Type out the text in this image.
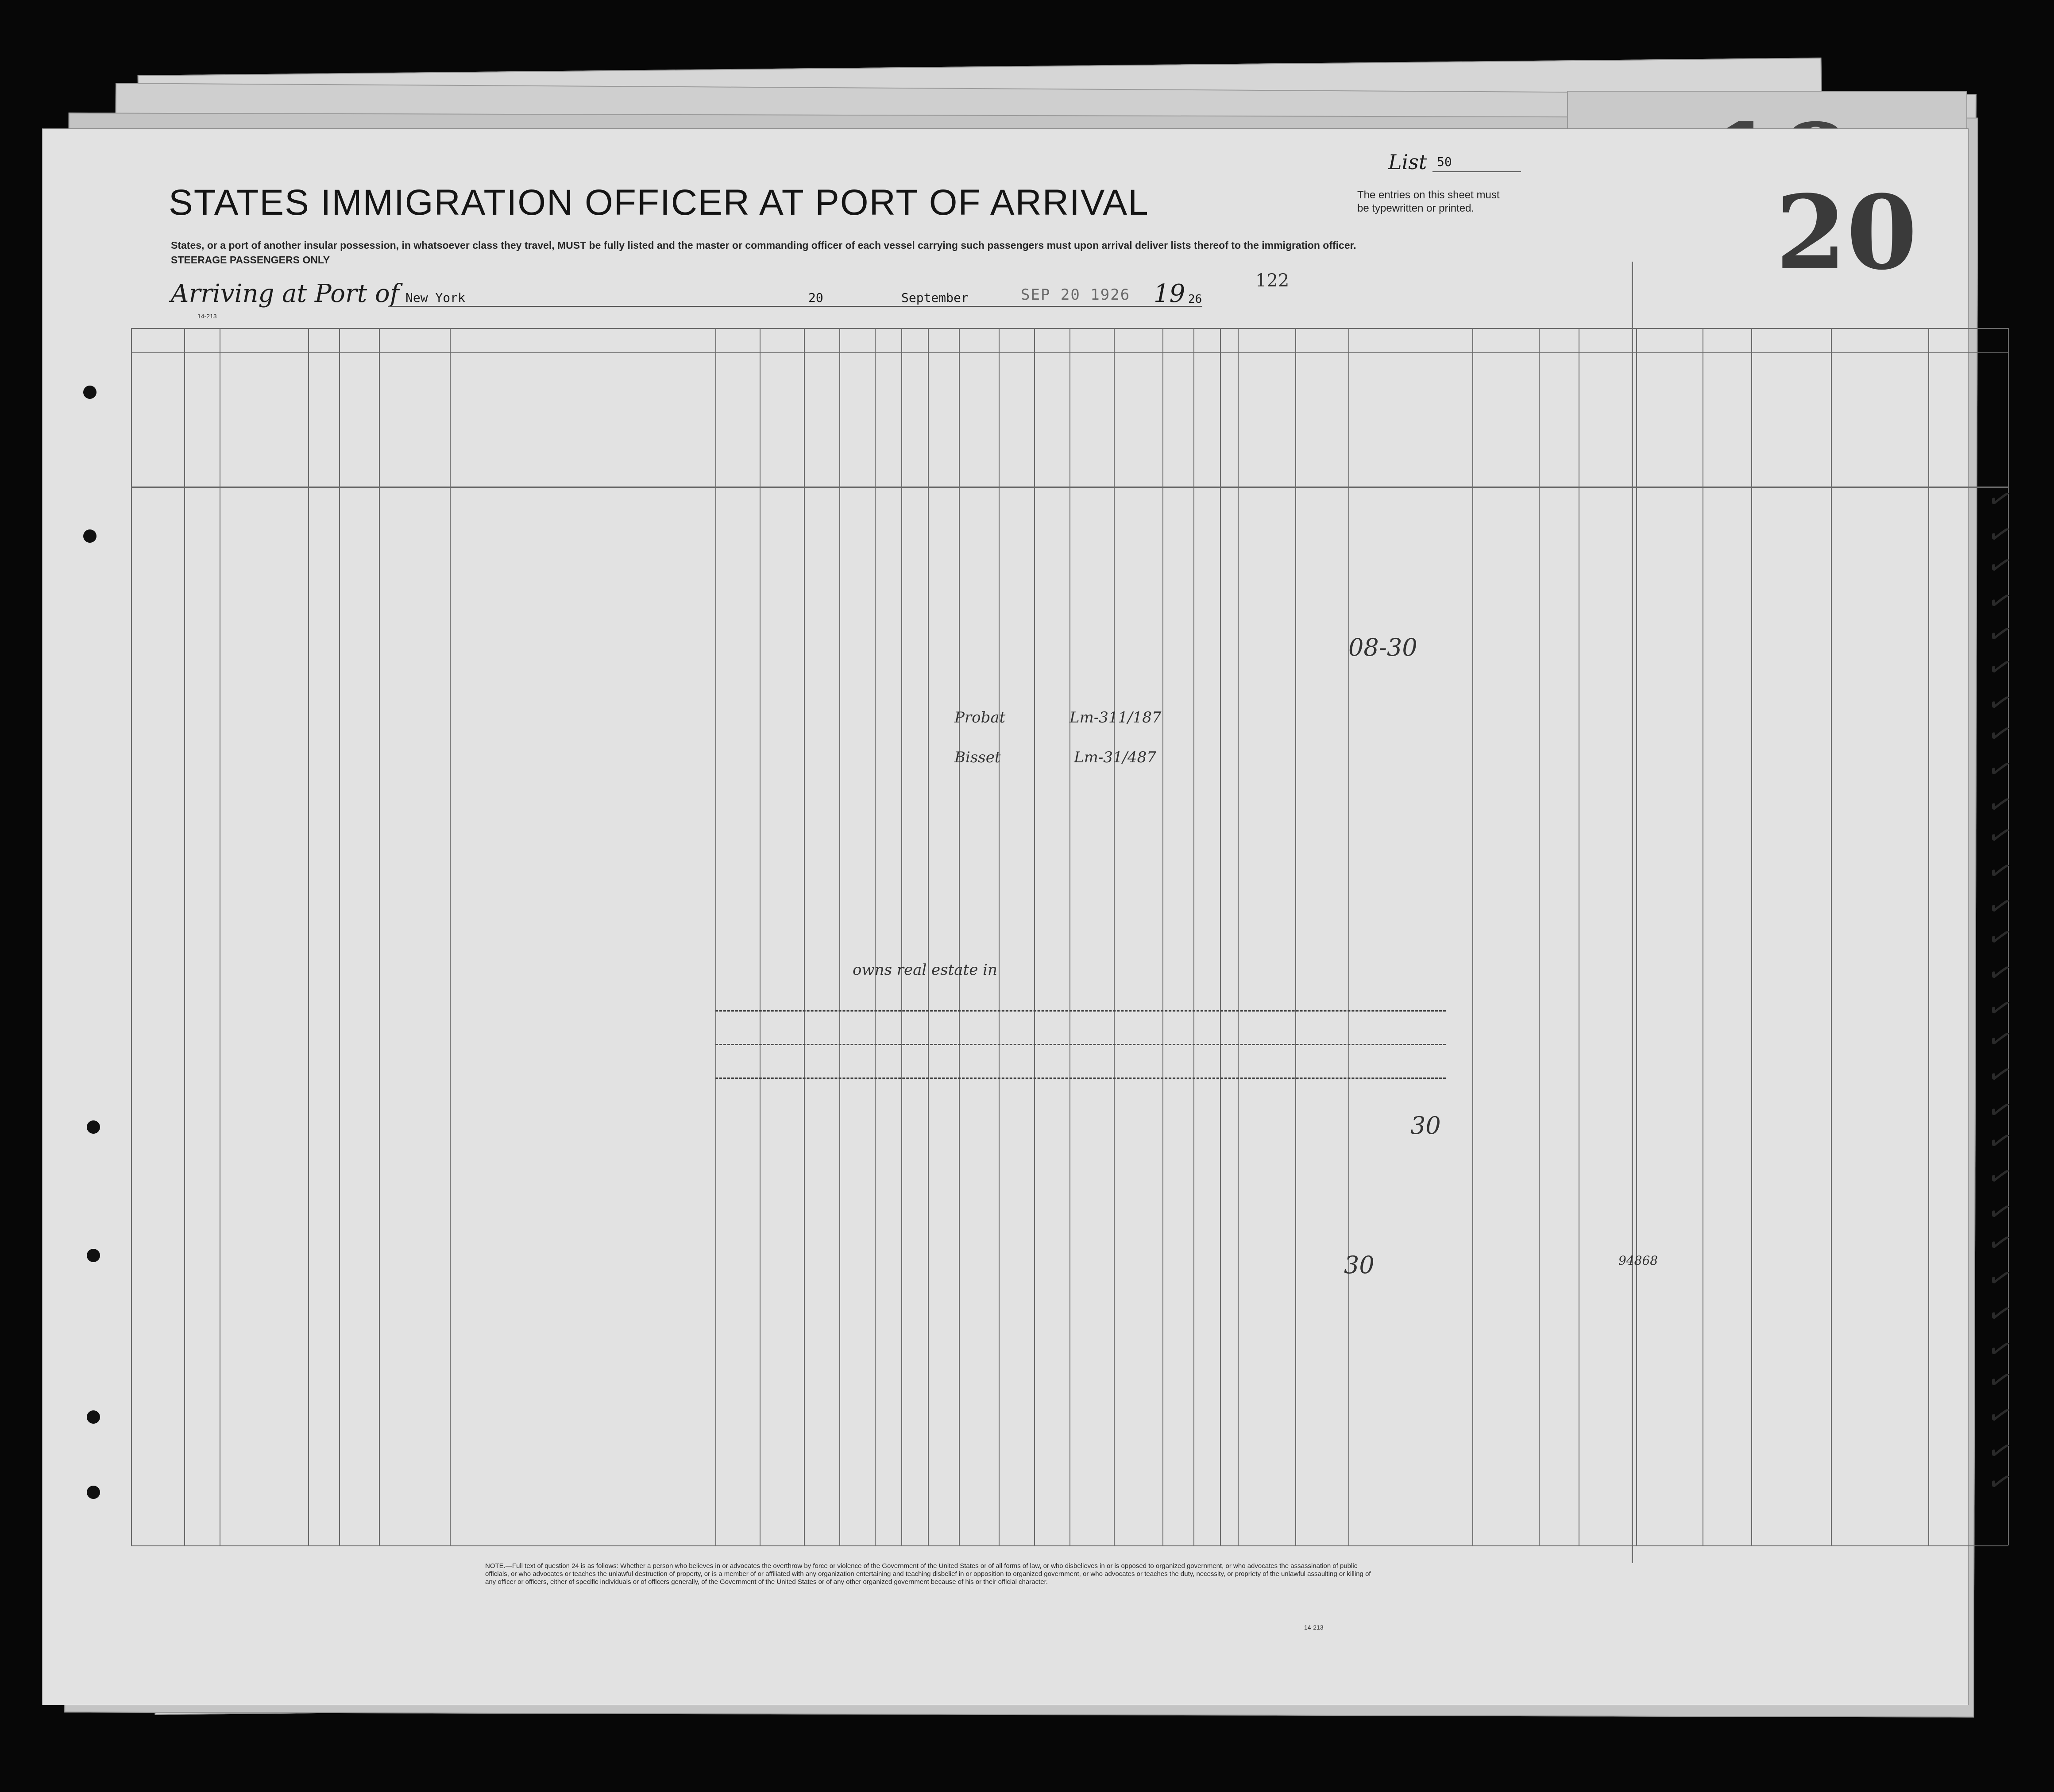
STATES IMMIGRATION OFFICER AT PORT OF ARRIVAL
List 50
The entries on this sheet must
be typewritten or printed.	20
States, or a port of another insular possession, in whatsoever class they travel, MUST be fully listed and the master or commanding officer of each vessel carrying such passengers must upon arrival deliver lists thereof to the immigration officer.
STEERAGE PASSENGERS ONLY
Arriving at Port of New York	20	September	SEP 20 1926 19 26
122
14-213
08-30
Probat	Lm-311/187
Bisset	Lm-31/487
owns real estate in
30
30	94868
✓
✓
✓
✓
✓
✓
✓
✓
✓
✓
✓
✓
✓
✓
✓
✓
✓
✓
✓
✓
✓
✓
✓
✓
✓
✓
✓
✓
✓
✓
NOTE.—Full text of question 24 is as follows: Whether a person who believes in or advocates the overthrow by force or violence of the Government of the United States or of all forms of law, or who disbelieves in or is opposed to organized government, or who advocates the assassination of public officials, or who advocates or teaches the unlawful destruction of property, or is a member of or affiliated with any organization entertaining and teaching disbelief in or opposition to organized government, or who advocates or teaches the duty, necessity, or propriety of the unlawful assaulting or killing of any officer or officers, either of specific individuals or of officers generally, of the Government of the United States or of any other organized government because of his or their official character.
14-213
